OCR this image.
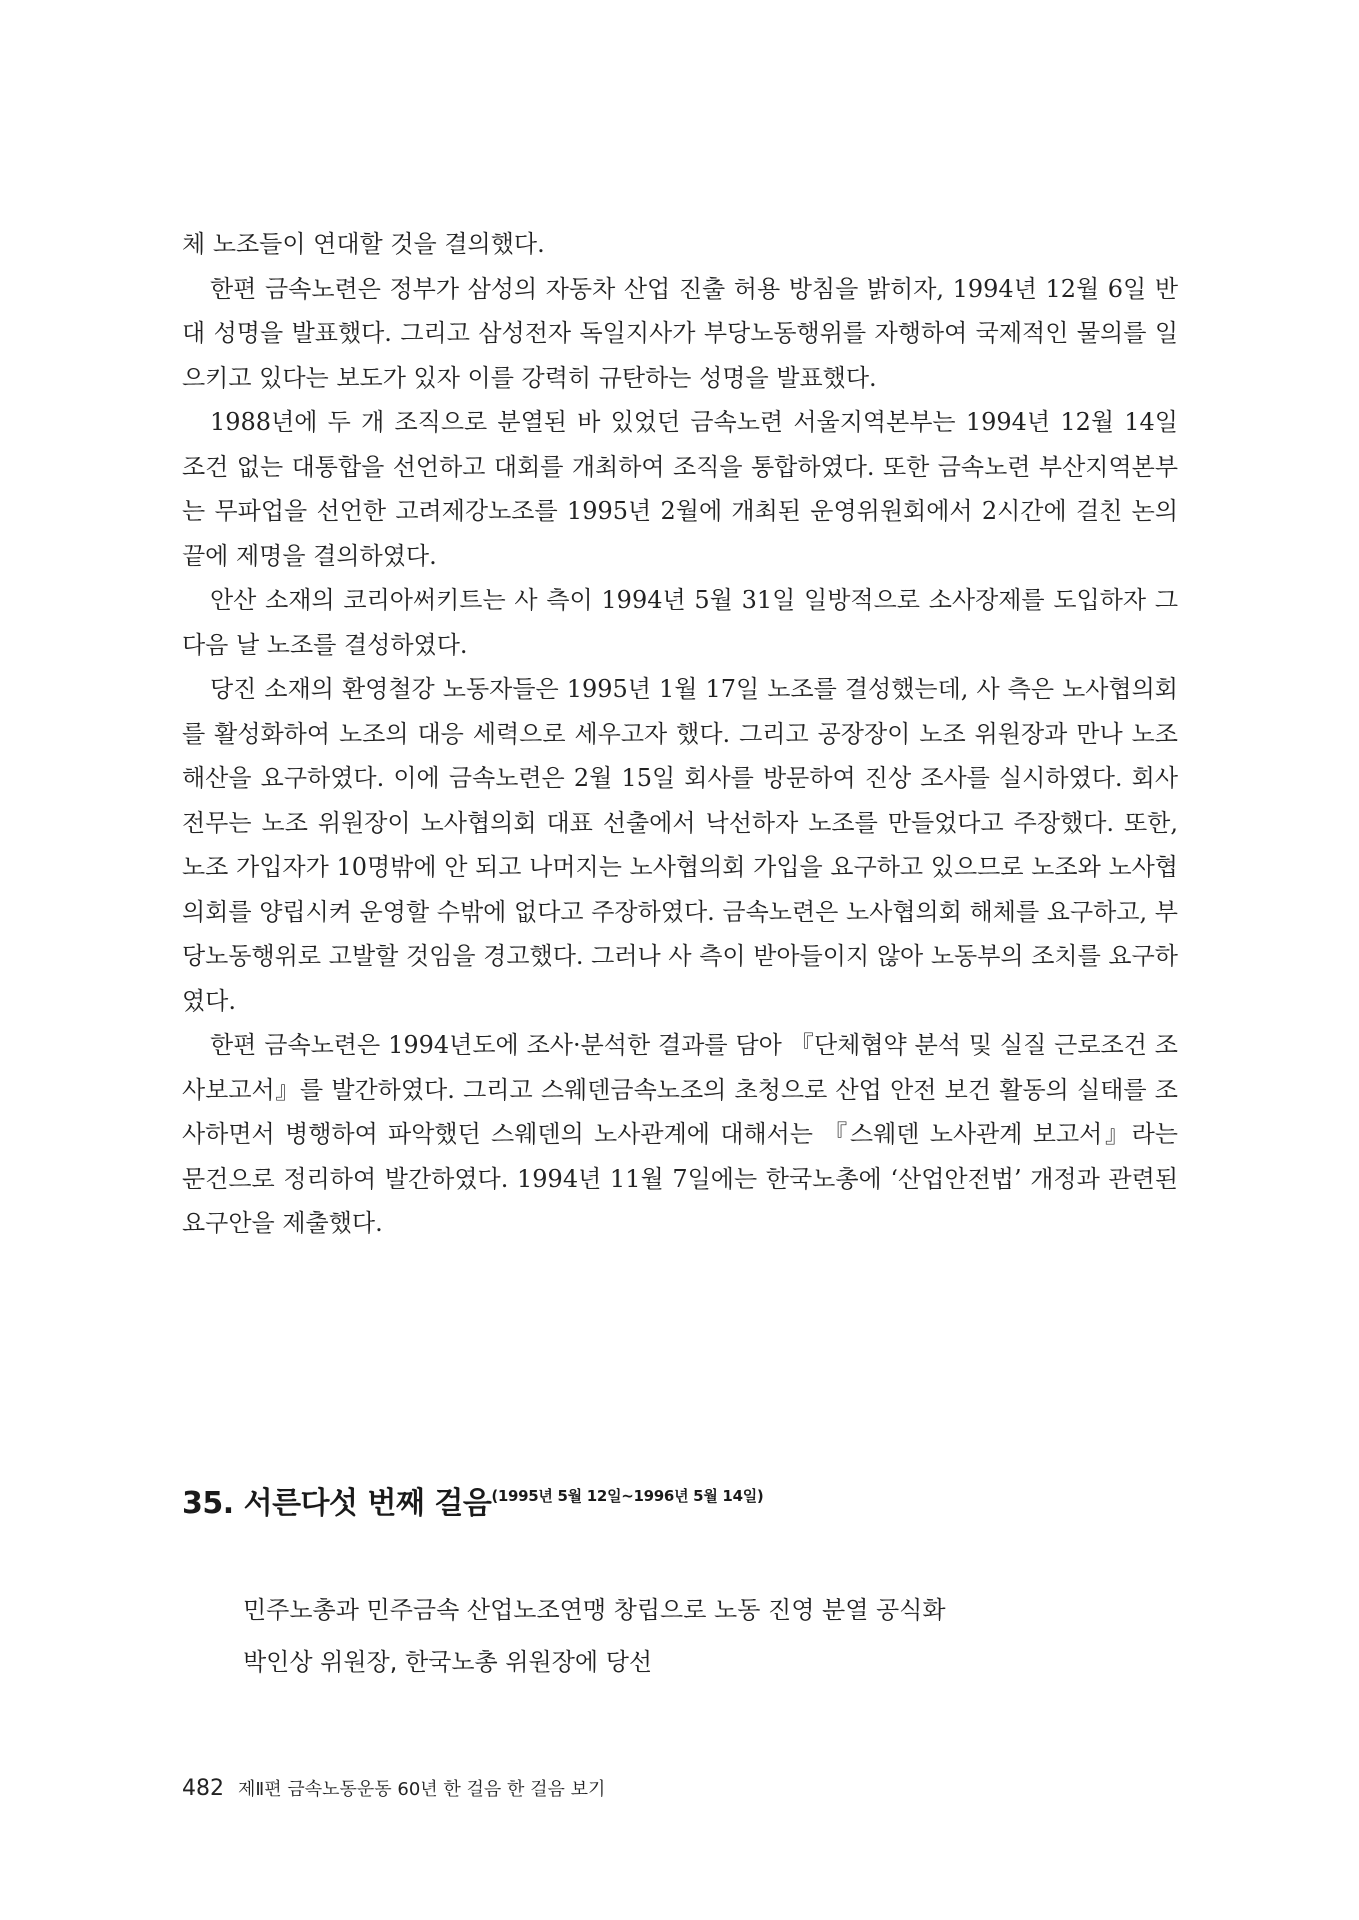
체 노조들이 연대할 것을 결의했다.

한편 금속노련은 정부가 삼성의 자동차 산업 진출 허용 방침을 밝히자, 1994년 12월 6일 반대 성명을 발표했다. 그리고 삼성전자 독일지사가 부당노동행위를 자행하여 국제적인 물의를 일으키고 있다는 보도가 있자 이를 강력히 규탄하는 성명을 발표했다.

1988년에 두 개 조직으로 분열된 바 있었던 금속노련 서울지역본부는 1994년 12월 14일 조건 없는 대통합을 선언하고 대회를 개최하여 조직을 통합하였다. 또한 금속노련 부산지역본부는 무파업을 선언한 고려제강노조를 1995년 2월에 개최된 운영위원회에서 2시간에 걸친 논의 끝에 제명을 결의하였다.

안산 소재의 코리아써키트는 사 측이 1994년 5월 31일 일방적으로 소사장제를 도입하자 그 다음 날 노조를 결성하였다.

당진 소재의 환영철강 노동자들은 1995년 1월 17일 노조를 결성했는데, 사 측은 노사협의회를 활성화하여 노조의 대응 세력으로 세우고자 했다. 그리고 공장장이 노조 위원장과 만나 노조 해산을 요구하였다. 이에 금속노련은 2월 15일 회사를 방문하여 진상 조사를 실시하였다. 회사 전무는 노조 위원장이 노사협의회 대표 선출에서 낙선하자 노조를 만들었다고 주장했다. 또한, 노조 가입자가 10명밖에 안 되고 나머지는 노사협의회 가입을 요구하고 있으므로 노조와 노사협의회를 양립시켜 운영할 수밖에 없다고 주장하였다. 금속노련은 노사협의회 해체를 요구하고, 부당노동행위로 고발할 것임을 경고했다. 그러나 사 측이 받아들이지 않아 노동부의 조치를 요구하였다.

한편 금속노련은 1994년도에 조사·분석한 결과를 담아 『단체협약 분석 및 실질 근로조건 조사보고서』를 발간하였다. 그리고 스웨덴금속노조의 초청으로 산업 안전 보건 활동의 실태를 조사하면서 병행하여 파악했던 스웨덴의 노사관계에 대해서는 『스웨덴 노사관계 보고서』라는 문건으로 정리하여 발간하였다. 1994년 11월 7일에는 한국노총에 ‘산업안전법’ 개정과 관련된 요구안을 제출했다.

35. 서른다섯 번째 걸음$^{(1995년 5월 12일\sim 1996년 5월 14일)}$
민주노총과 민주금속 산업노조연맹 창립으로 노동 진영 분열 공식화
박인상 위원장, 한국노총 위원장에 당선
482 제Ⅱ편 금속노동운동 60년 한 걸음 한 걸음 보기
